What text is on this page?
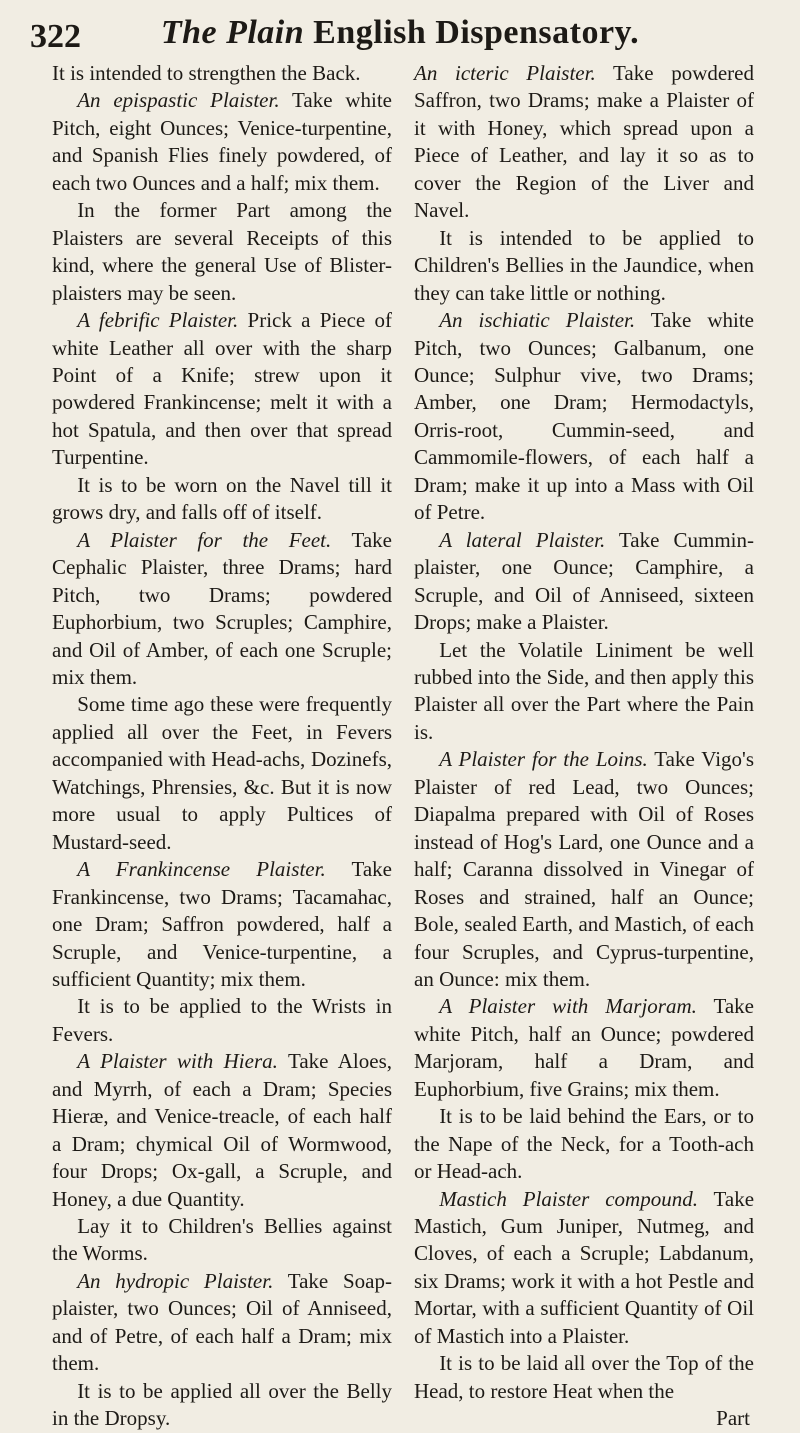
322 The Plain English Dispensatory.

It is intended to strengthen the Back.

An epispastic Plaister. Take white Pitch, eight Ounces; Venice-turpentine, and Spanish Flies finely powdered, of each two Ounces and a half; mix them.

In the former Part among the Plaisters are several Receipts of this kind, where the general Use of Blister-plaisters may be seen.

A febrific Plaister. Prick a Piece of white Leather all over with the sharp Point of a Knife; strew upon it powdered Frankincense; melt it with a hot Spatula, and then over that spread Turpentine.

It is to be worn on the Navel till it grows dry, and falls off of itself.

A Plaister for the Feet. Take Cephalic Plaister, three Drams; hard Pitch, two Drams; powdered Euphorbium, two Scruples; Camphire, and Oil of Amber, of each one Scruple; mix them.

Some time ago these were frequently applied all over the Feet, in Fevers accompanied with Head-achs, Dozinefs, Watchings, Phrensies, &c. But it is now more usual to apply Pultices of Mustard-seed.

A Frankincense Plaister. Take Frankincense, two Drams; Tacamahac, one Dram; Saffron powdered, half a Scruple, and Venice-turpentine, a sufficient Quantity; mix them.

It is to be applied to the Wrists in Fevers.

A Plaister with Hiera. Take Aloes, and Myrrh, of each a Dram; Species Hieræ, and Venice-treacle, of each half a Dram; chymical Oil of Wormwood, four Drops; Ox-gall, a Scruple, and Honey, a due Quantity.

Lay it to Children's Bellies against the Worms.

An hydropic Plaister. Take Soap-plaister, two Ounces; Oil of Anniseed, and of Petre, of each half a Dram; mix them.

It is to be applied all over the Belly in the Dropsy.

An icteric Plaister. Take powdered Saffron, two Drams; make a Plaister of it with Honey, which spread upon a Piece of Leather, and lay it so as to cover the Region of the Liver and Navel.

It is intended to be applied to Children's Bellies in the Jaundice, when they can take little or nothing.

An ischiatic Plaister. Take white Pitch, two Ounces; Galbanum, one Ounce; Sulphur vive, two Drams; Amber, one Dram; Hermodactyls, Orris-root, Cummin-seed, and Cammomile-flowers, of each half a Dram; make it up into a Mass with Oil of Petre.

A lateral Plaister. Take Cummin-plaister, one Ounce; Camphire, a Scruple, and Oil of Anniseed, sixteen Drops; make a Plaister.

Let the Volatile Liniment be well rubbed into the Side, and then apply this Plaister all over the Part where the Pain is.

A Plaister for the Loins. Take Vigo's Plaister of red Lead, two Ounces; Diapalma prepared with Oil of Roses instead of Hog's Lard, one Ounce and a half; Caranna dissolved in Vinegar of Roses and strained, half an Ounce; Bole, sealed Earth, and Mastich, of each four Scruples, and Cyprus-turpentine, an Ounce: mix them.

A Plaister with Marjoram. Take white Pitch, half an Ounce; powdered Marjoram, half a Dram, and Euphorbium, five Grains; mix them.

It is to be laid behind the Ears, or to the Nape of the Neck, for a Tooth-ach or Head-ach.

Mastich Plaister compound. Take Mastich, Gum Juniper, Nutmeg, and Cloves, of each a Scruple; Labdanum, six Drams; work it with a hot Pestle and Mortar, with a sufficient Quantity of Oil of Mastich into a Plaister.

It is to be laid all over the Top of the Head, to restore Heat when the

Part
